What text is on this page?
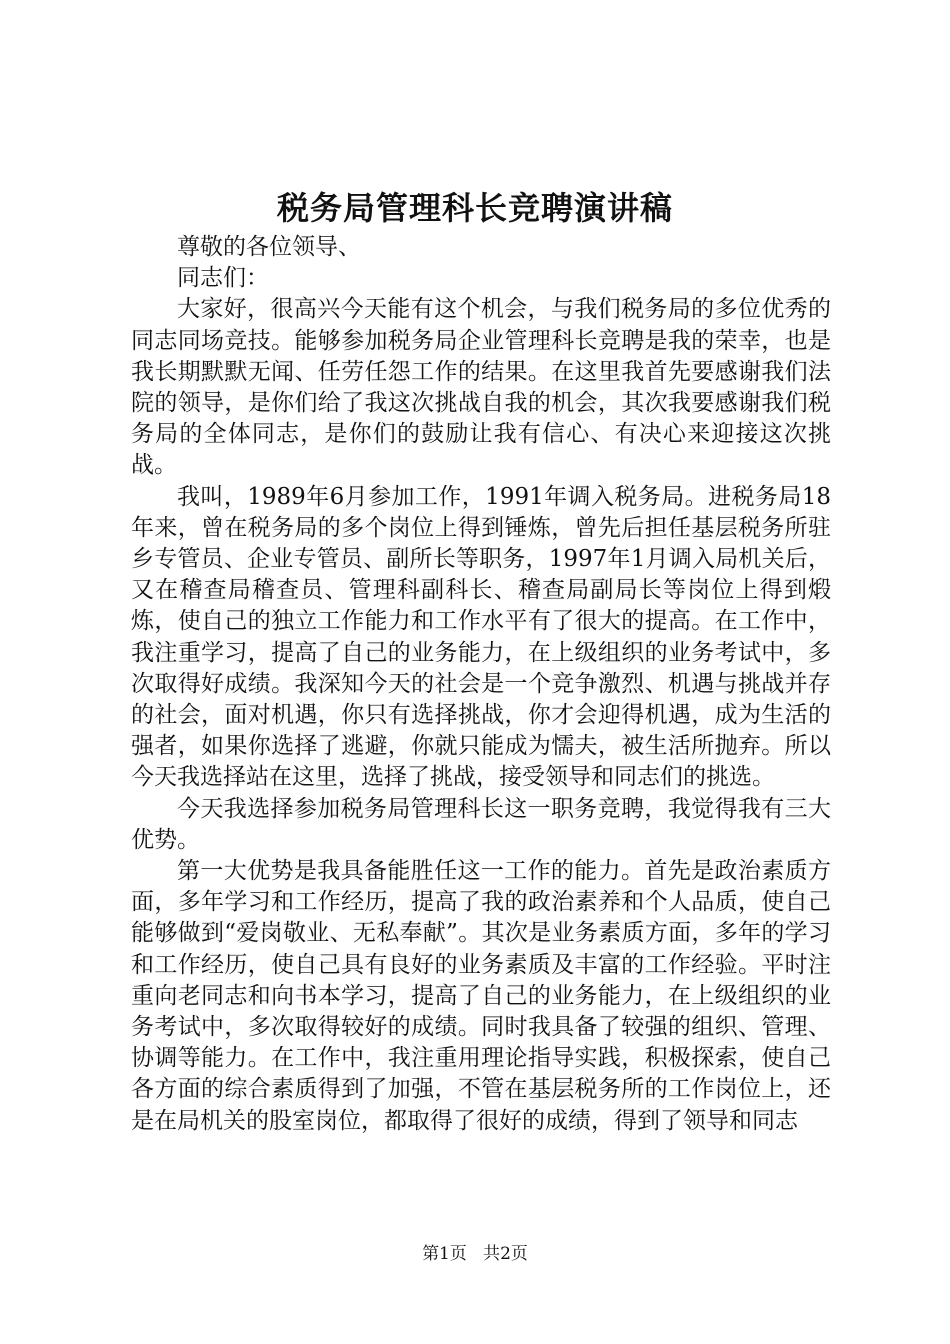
税务局管理科长竞聘演讲稿

尊敬的各位领导、

同志们：

大家好，很高兴今天能有这个机会，与我们税务局的多位优秀的同志同场竞技。能够参加税务局企业管理科长竞聘是我的荣幸，也是我长期默默无闻、任劳任怨工作的结果。在这里我首先要感谢我们法院的领导，是你们给了我这次挑战自我的机会，其次我要感谢我们税务局的全体同志，是你们的鼓励让我有信心、有决心来迎接这次挑战。

我叫，1989年6月参加工作，1991年调入税务局。进税务局18年来，曾在税务局的多个岗位上得到锤炼，曾先后担任基层税务所驻乡专管员、企业专管员、副所长等职务，1997年1月调入局机关后，又在稽查局稽查员、管理科副科长、稽查局副局长等岗位上得到煅炼，使自己的独立工作能力和工作水平有了很大的提高。在工作中，我注重学习，提高了自己的业务能力，在上级组织的业务考试中，多次取得好成绩。我深知今天的社会是一个竞争激烈、机遇与挑战并存的社会，面对机遇，你只有选择挑战，你才会迎得机遇，成为生活的强者，如果你选择了逃避，你就只能成为懦夫，被生活所抛弃。所以今天我选择站在这里，选择了挑战，接受领导和同志们的挑选。

今天我选择参加税务局管理科长这一职务竞聘，我觉得我有三大优势。

第一大优势是我具备能胜任这一工作的能力。首先是政治素质方面，多年学习和工作经历，提高了我的政治素养和个人品质，使自己能够做到“爱岗敬业、无私奉献”。其次是业务素质方面，多年的学习和工作经历，使自己具有良好的业务素质及丰富的工作经验。平时注重向老同志和向书本学习，提高了自己的业务能力，在上级组织的业务考试中，多次取得较好的成绩。同时我具备了较强的组织、管理、协调等能力。在工作中，我注重用理论指导实践，积极探索，使自己各方面的综合素质得到了加强，不管在基层税务所的工作岗位上，还是在局机关的股室岗位，都取得了很好的成绩，得到了领导和同志

第1页 共2页
